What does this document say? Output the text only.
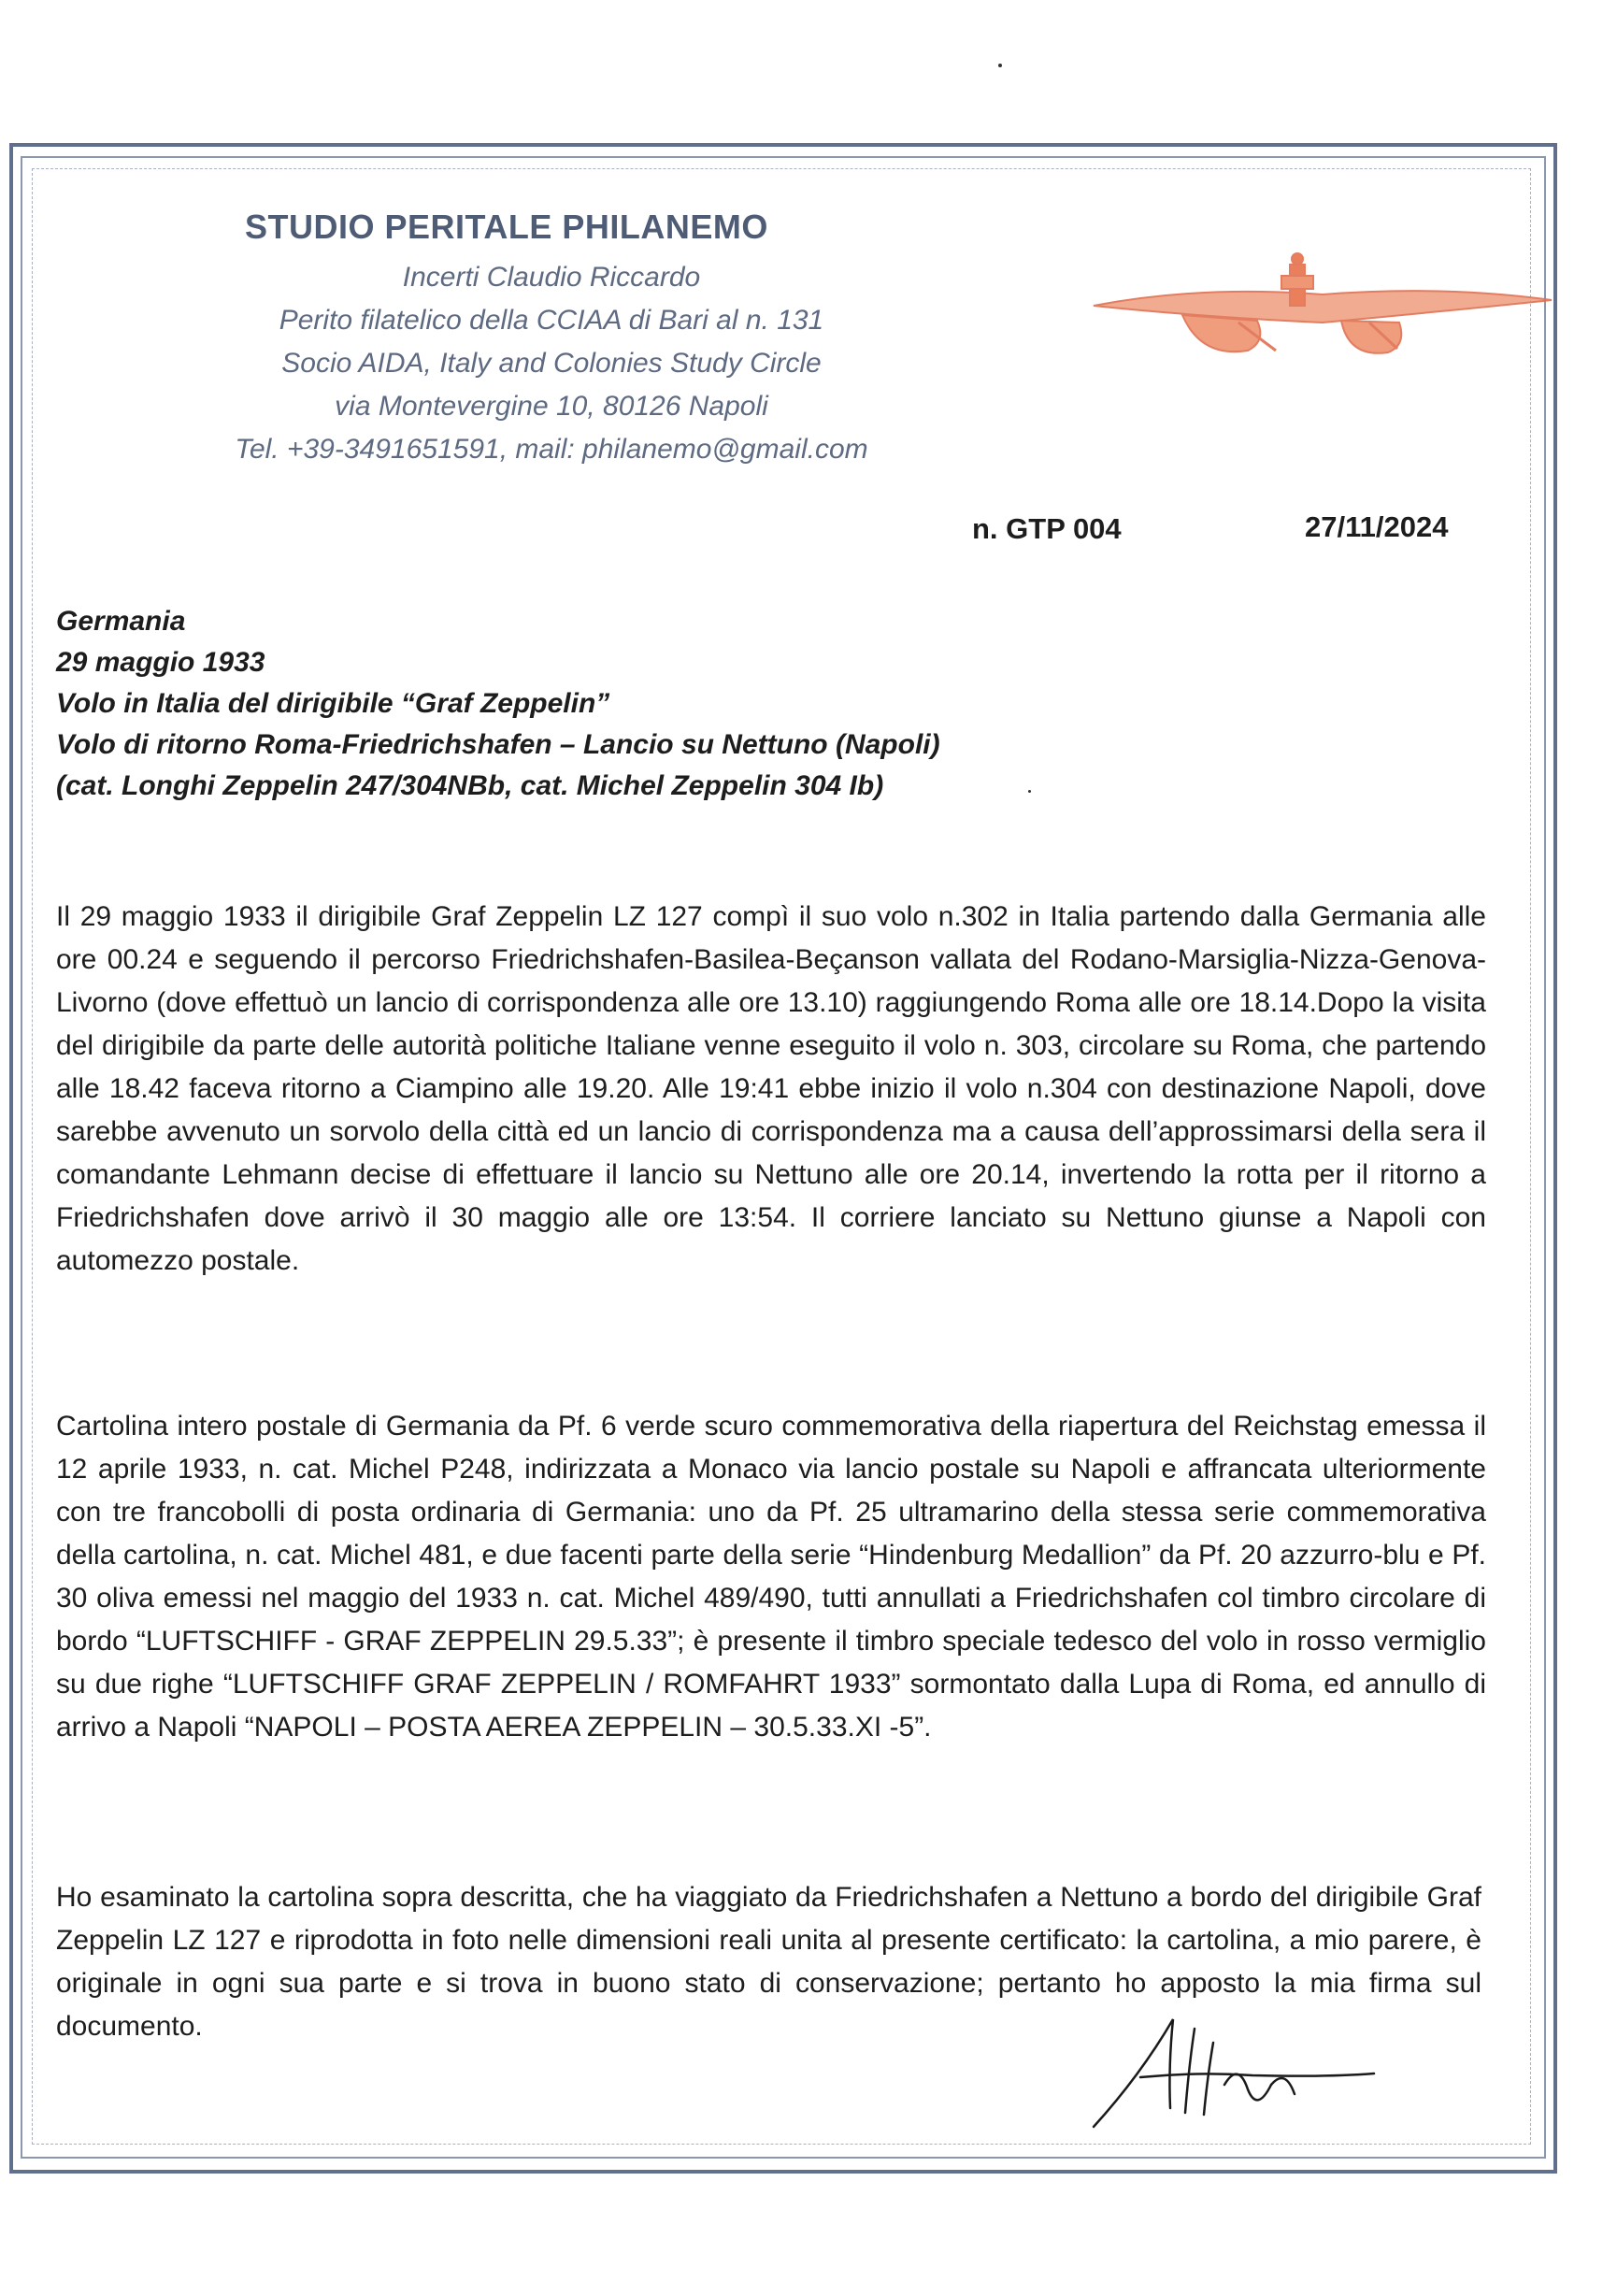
STUDIO PERITALE PHILANEMO
Incerti Claudio Riccardo
Perito filatelico della CCIAA di Bari al n. 131
Socio AIDA, Italy and Colonies Study Circle
via Montevergine 10, 80126 Napoli
Tel. +39-3491651591, mail: philanemo@gmail.com
n. GTP 004	27/11/2024
Germania
29 maggio 1933
Volo in Italia del dirigibile “Graf Zeppelin”
Volo di ritorno Roma-Friedrichshafen – Lancio su Nettuno (Napoli)
(cat. Longhi Zeppelin 247/304NBb, cat. Michel Zeppelin 304 Ib)
Il 29 maggio 1933 il dirigibile Graf Zeppelin LZ 127 compì il suo volo n.302 in Italia partendo dalla Germania alle ore 00.24 e seguendo il percorso Friedrichshafen-Basilea-Beçanson vallata del Rodano-Marsiglia-Nizza-Genova-Livorno (dove effettuò un lancio di corrispondenza alle ore 13.10) raggiungendo Roma alle ore 18.14.Dopo la visita del dirigibile da parte delle autorità politiche Italiane venne eseguito il volo n. 303, circolare su Roma, che partendo alle 18.42 faceva ritorno a Ciampino alle 19.20. Alle 19:41 ebbe inizio il volo n.304 con destinazione Napoli, dove sarebbe avvenuto un sorvolo della città ed un lancio di corrispondenza ma a causa dell’approssimarsi della sera il comandante Lehmann decise di effettuare il lancio su Nettuno alle ore 20.14, invertendo la rotta per il ritorno a Friedrichshafen dove arrivò il 30 maggio alle ore 13:54. Il corriere lanciato su Nettuno giunse a Napoli con automezzo postale.
Cartolina intero postale di Germania da Pf. 6 verde scuro commemorativa della riapertura del Reichstag emessa il 12 aprile 1933, n. cat. Michel P248, indirizzata a Monaco via lancio postale su Napoli e affrancata ulteriormente con tre francobolli di posta ordinaria di Germania: uno da Pf. 25 ultramarino della stessa serie commemorativa della cartolina, n. cat. Michel 481, e due facenti parte della serie “Hindenburg Medallion” da Pf. 20 azzurro-blu e Pf. 30 oliva emessi nel maggio del 1933 n. cat. Michel 489/490, tutti annullati a Friedrichshafen col timbro circolare di bordo “LUFTSCHIFF - GRAF ZEPPELIN 29.5.33”; è presente il timbro speciale tedesco del volo in rosso vermiglio su due righe “LUFTSCHIFF GRAF ZEPPELIN / ROMFAHRT 1933” sormontato dalla Lupa di Roma, ed annullo di arrivo a Napoli “NAPOLI – POSTA AEREA ZEPPELIN – 30.5.33.XI -5”.
Ho esaminato la cartolina sopra descritta, che ha viaggiato da Friedrichshafen a Nettuno a bordo del dirigibile Graf Zeppelin LZ 127 e riprodotta in foto nelle dimensioni reali unita al presente certificato: la cartolina, a mio parere, è originale in ogni sua parte e si trova in buono stato di conservazione; pertanto ho apposto la mia firma sul documento.
